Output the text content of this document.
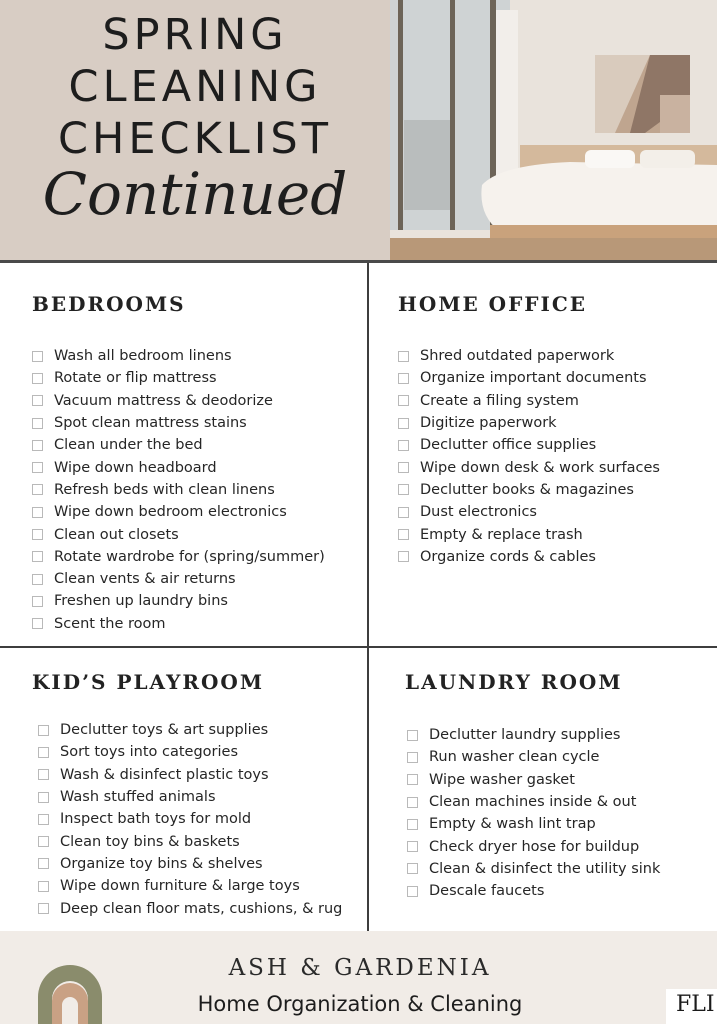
SPRING
CLEANING
CHECKLIST
Continued
BEDROOMS
Wash all bedroom linens
Rotate or flip mattress
Vacuum mattress & deodorize
Spot clean mattress stains
Clean under the bed
Wipe down headboard
Refresh beds with clean linens
Wipe down bedroom electronics
Clean out closets
Rotate wardrobe for (spring/summer)
Clean vents & air returns
Freshen up laundry bins
Scent the room
HOME OFFICE
Shred outdated paperwork
Organize important documents
Create a filing system
Digitize paperwork
Declutter office supplies
Wipe down desk & work surfaces
Declutter books & magazines
Dust electronics
Empty & replace trash
Organize cords & cables
KID’S PLAYROOM
Declutter toys & art supplies
Sort toys into categories
Wash & disinfect plastic toys
Wash stuffed animals
Inspect bath toys for mold
Clean toy bins & baskets
Organize toy bins & shelves
Wipe down furniture & large toys
Deep clean floor mats, cushions, & rug
LAUNDRY ROOM
Declutter laundry supplies
Run washer clean cycle
Wipe washer gasket
Clean machines inside & out
Empty & wash lint trap
Check dryer hose for buildup
Clean & disinfect the utility sink
Descale faucets
ASH & GARDENIA
Home Organization & Cleaning	FLI
